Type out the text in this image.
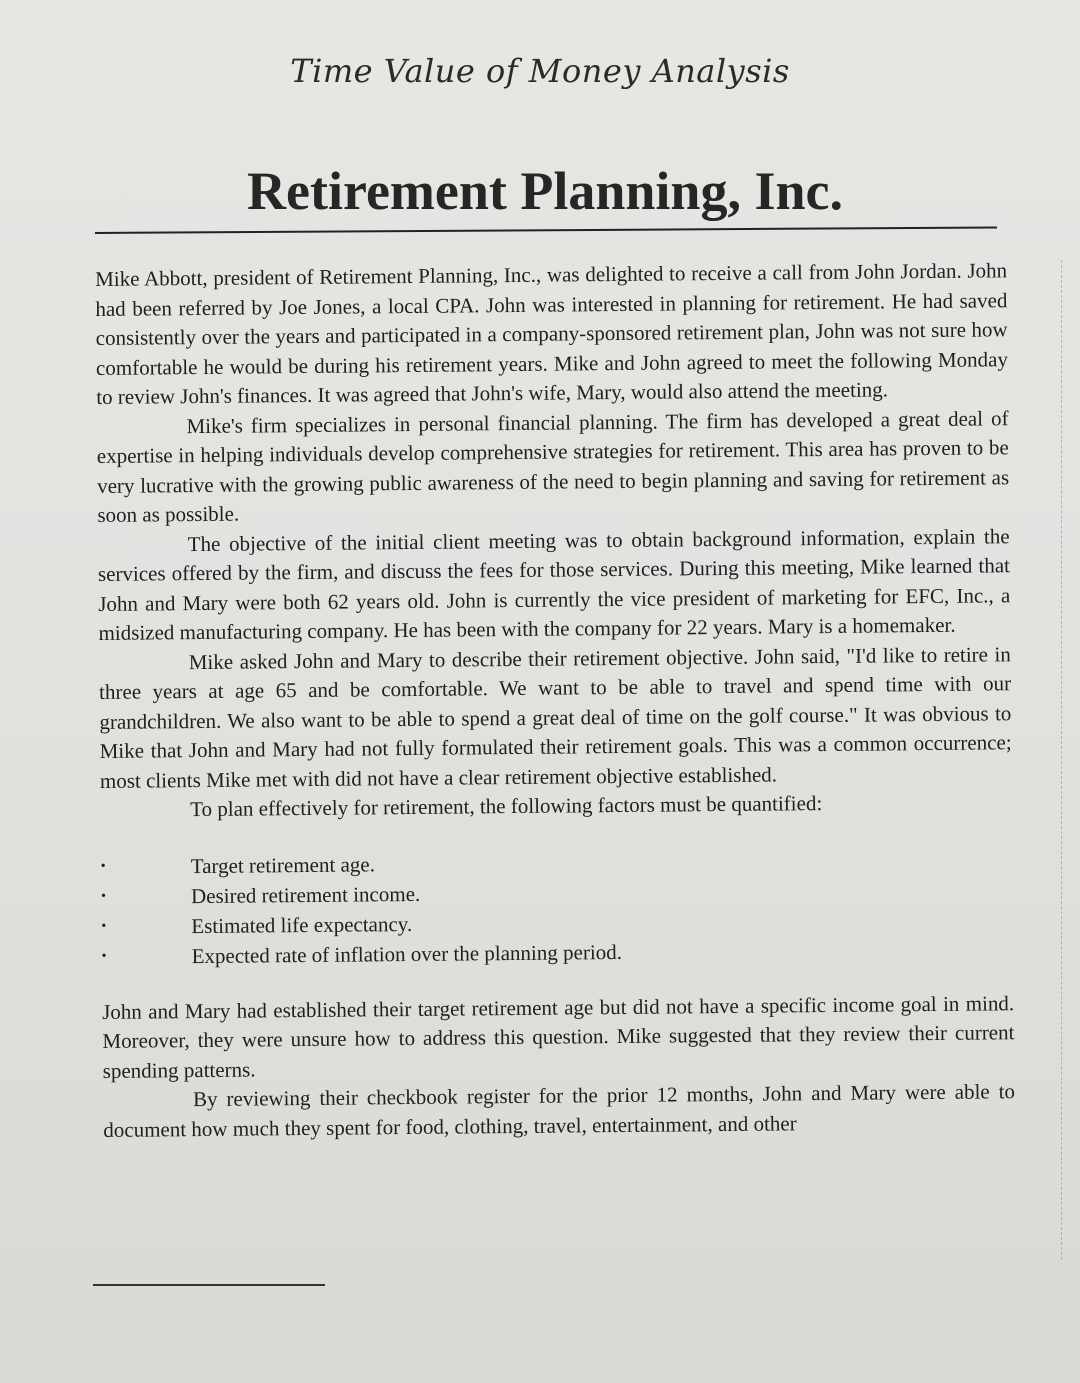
Time Value of Money Analysis
Retirement Planning, Inc.

Mike Abbott, president of Retirement Planning, Inc., was delighted to receive a call from John Jordan. John had been referred by Joe Jones, a local CPA. John was interested in planning for retirement. He had saved consistently over the years and participated in a company-sponsored retirement plan, John was not sure how comfortable he would be during his retirement years. Mike and John agreed to meet the following Monday to review John's finances. It was agreed that John's wife, Mary, would also attend the meeting.

Mike's firm specializes in personal financial planning. The firm has developed a great deal of expertise in helping individuals develop comprehensive strategies for retirement. This area has proven to be very lucrative with the growing public awareness of the need to begin planning and saving for retirement as soon as possible.

The objective of the initial client meeting was to obtain background information, explain the services offered by the firm, and discuss the fees for those services. During this meeting, Mike learned that John and Mary were both 62 years old. John is currently the vice president of marketing for EFC, Inc., a midsized manufacturing company. He has been with the company for 22 years. Mary is a homemaker.

Mike asked John and Mary to describe their retirement objective. John said, "I'd like to retire in three years at age 65 and be comfortable. We want to be able to travel and spend time with our grandchildren. We also want to be able to spend a great deal of time on the golf course." It was obvious to Mike that John and Mary had not fully formulated their retirement goals. This was a common occurrence; most clients Mike met with did not have a clear retirement objective established.

To plan effectively for retirement, the following factors must be quantified:

•	Target retirement age.
•	Desired retirement income.
•	Estimated life expectancy.
•	Expected rate of inflation over the planning period.

John and Mary had established their target retirement age but did not have a specific income goal in mind. Moreover, they were unsure how to address this question. Mike suggested that they review their current spending patterns.

By reviewing their checkbook register for the prior 12 months, John and Mary were able to document how much they spent for food, clothing, travel, entertainment, and other
